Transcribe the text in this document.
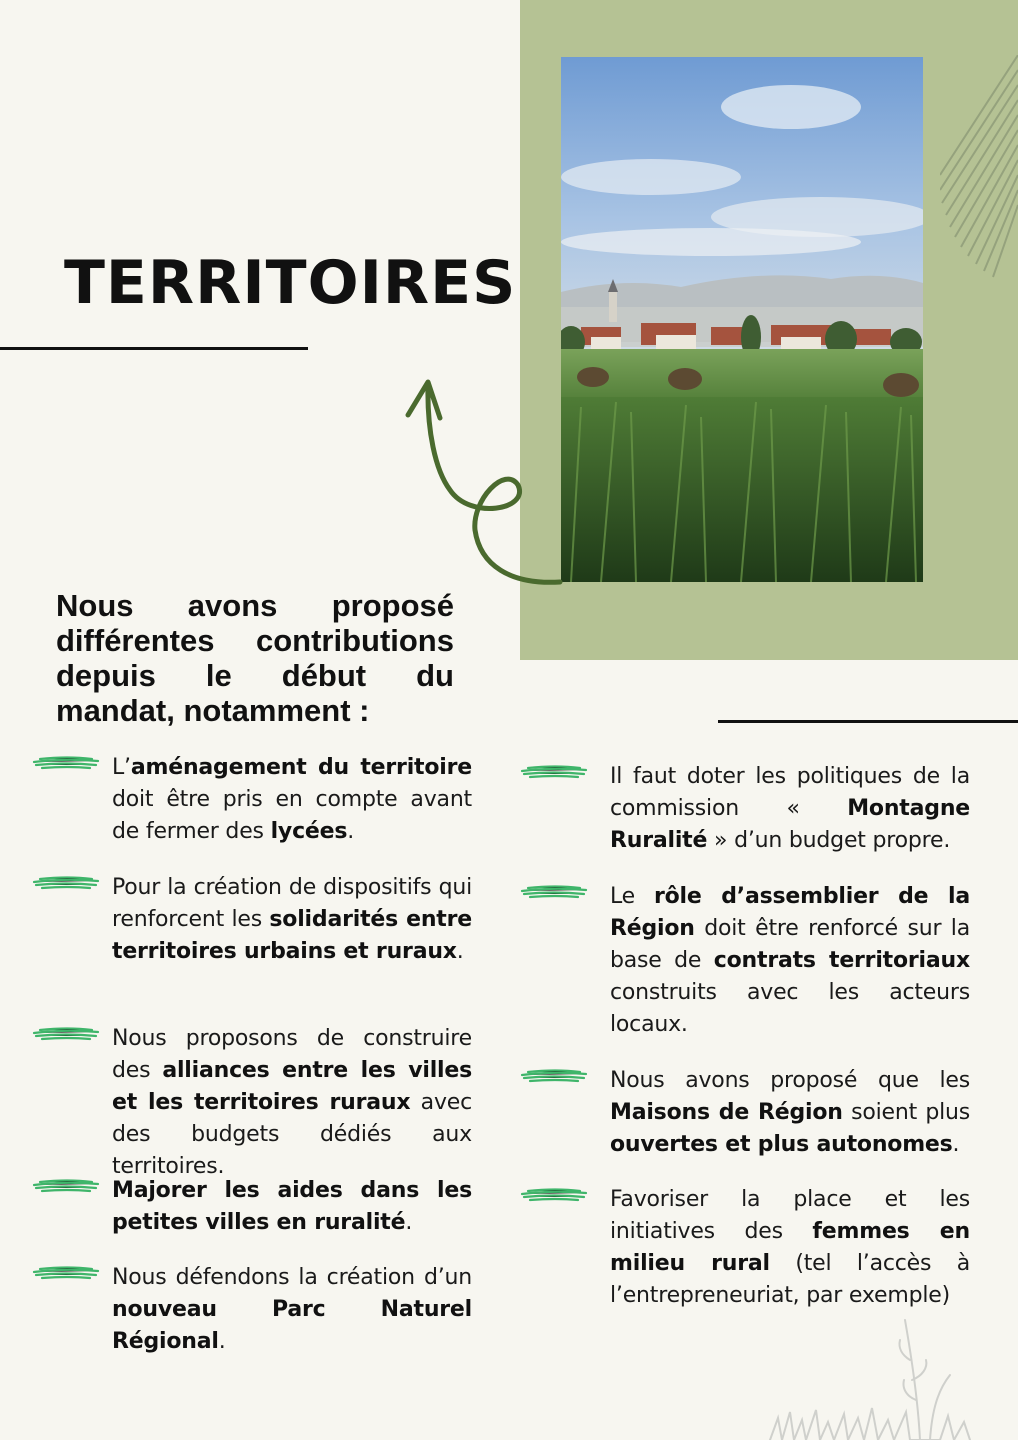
TERRITOIRES

Nous avons proposé différentes contributions depuis le début du mandat, notamment :

L’aménagement du territoire doit être pris en compte avant de fermer des lycées.
Pour la création de dispositifs qui renforcent les solidarités entre territoires urbains et ruraux.
Nous proposons de construire des alliances entre les villes et les territoires ruraux avec des budgets dédiés aux territoires.
Majorer les aides dans les petites villes en ruralité.
Nous défendons la création d’un nouveau Parc Naturel Régional.
Il faut doter les politiques de la commission « Montagne Ruralité » d’un budget propre.
Le rôle d’assemblier de la Région doit être renforcé sur la base de contrats territoriaux construits avec les acteurs locaux.
Nous avons proposé que les Maisons de Région soient plus ouvertes et plus autonomes.
Favoriser la place et les initiatives des femmes en milieu rural (tel l’accès à l’entrepreneuriat, par exemple)
